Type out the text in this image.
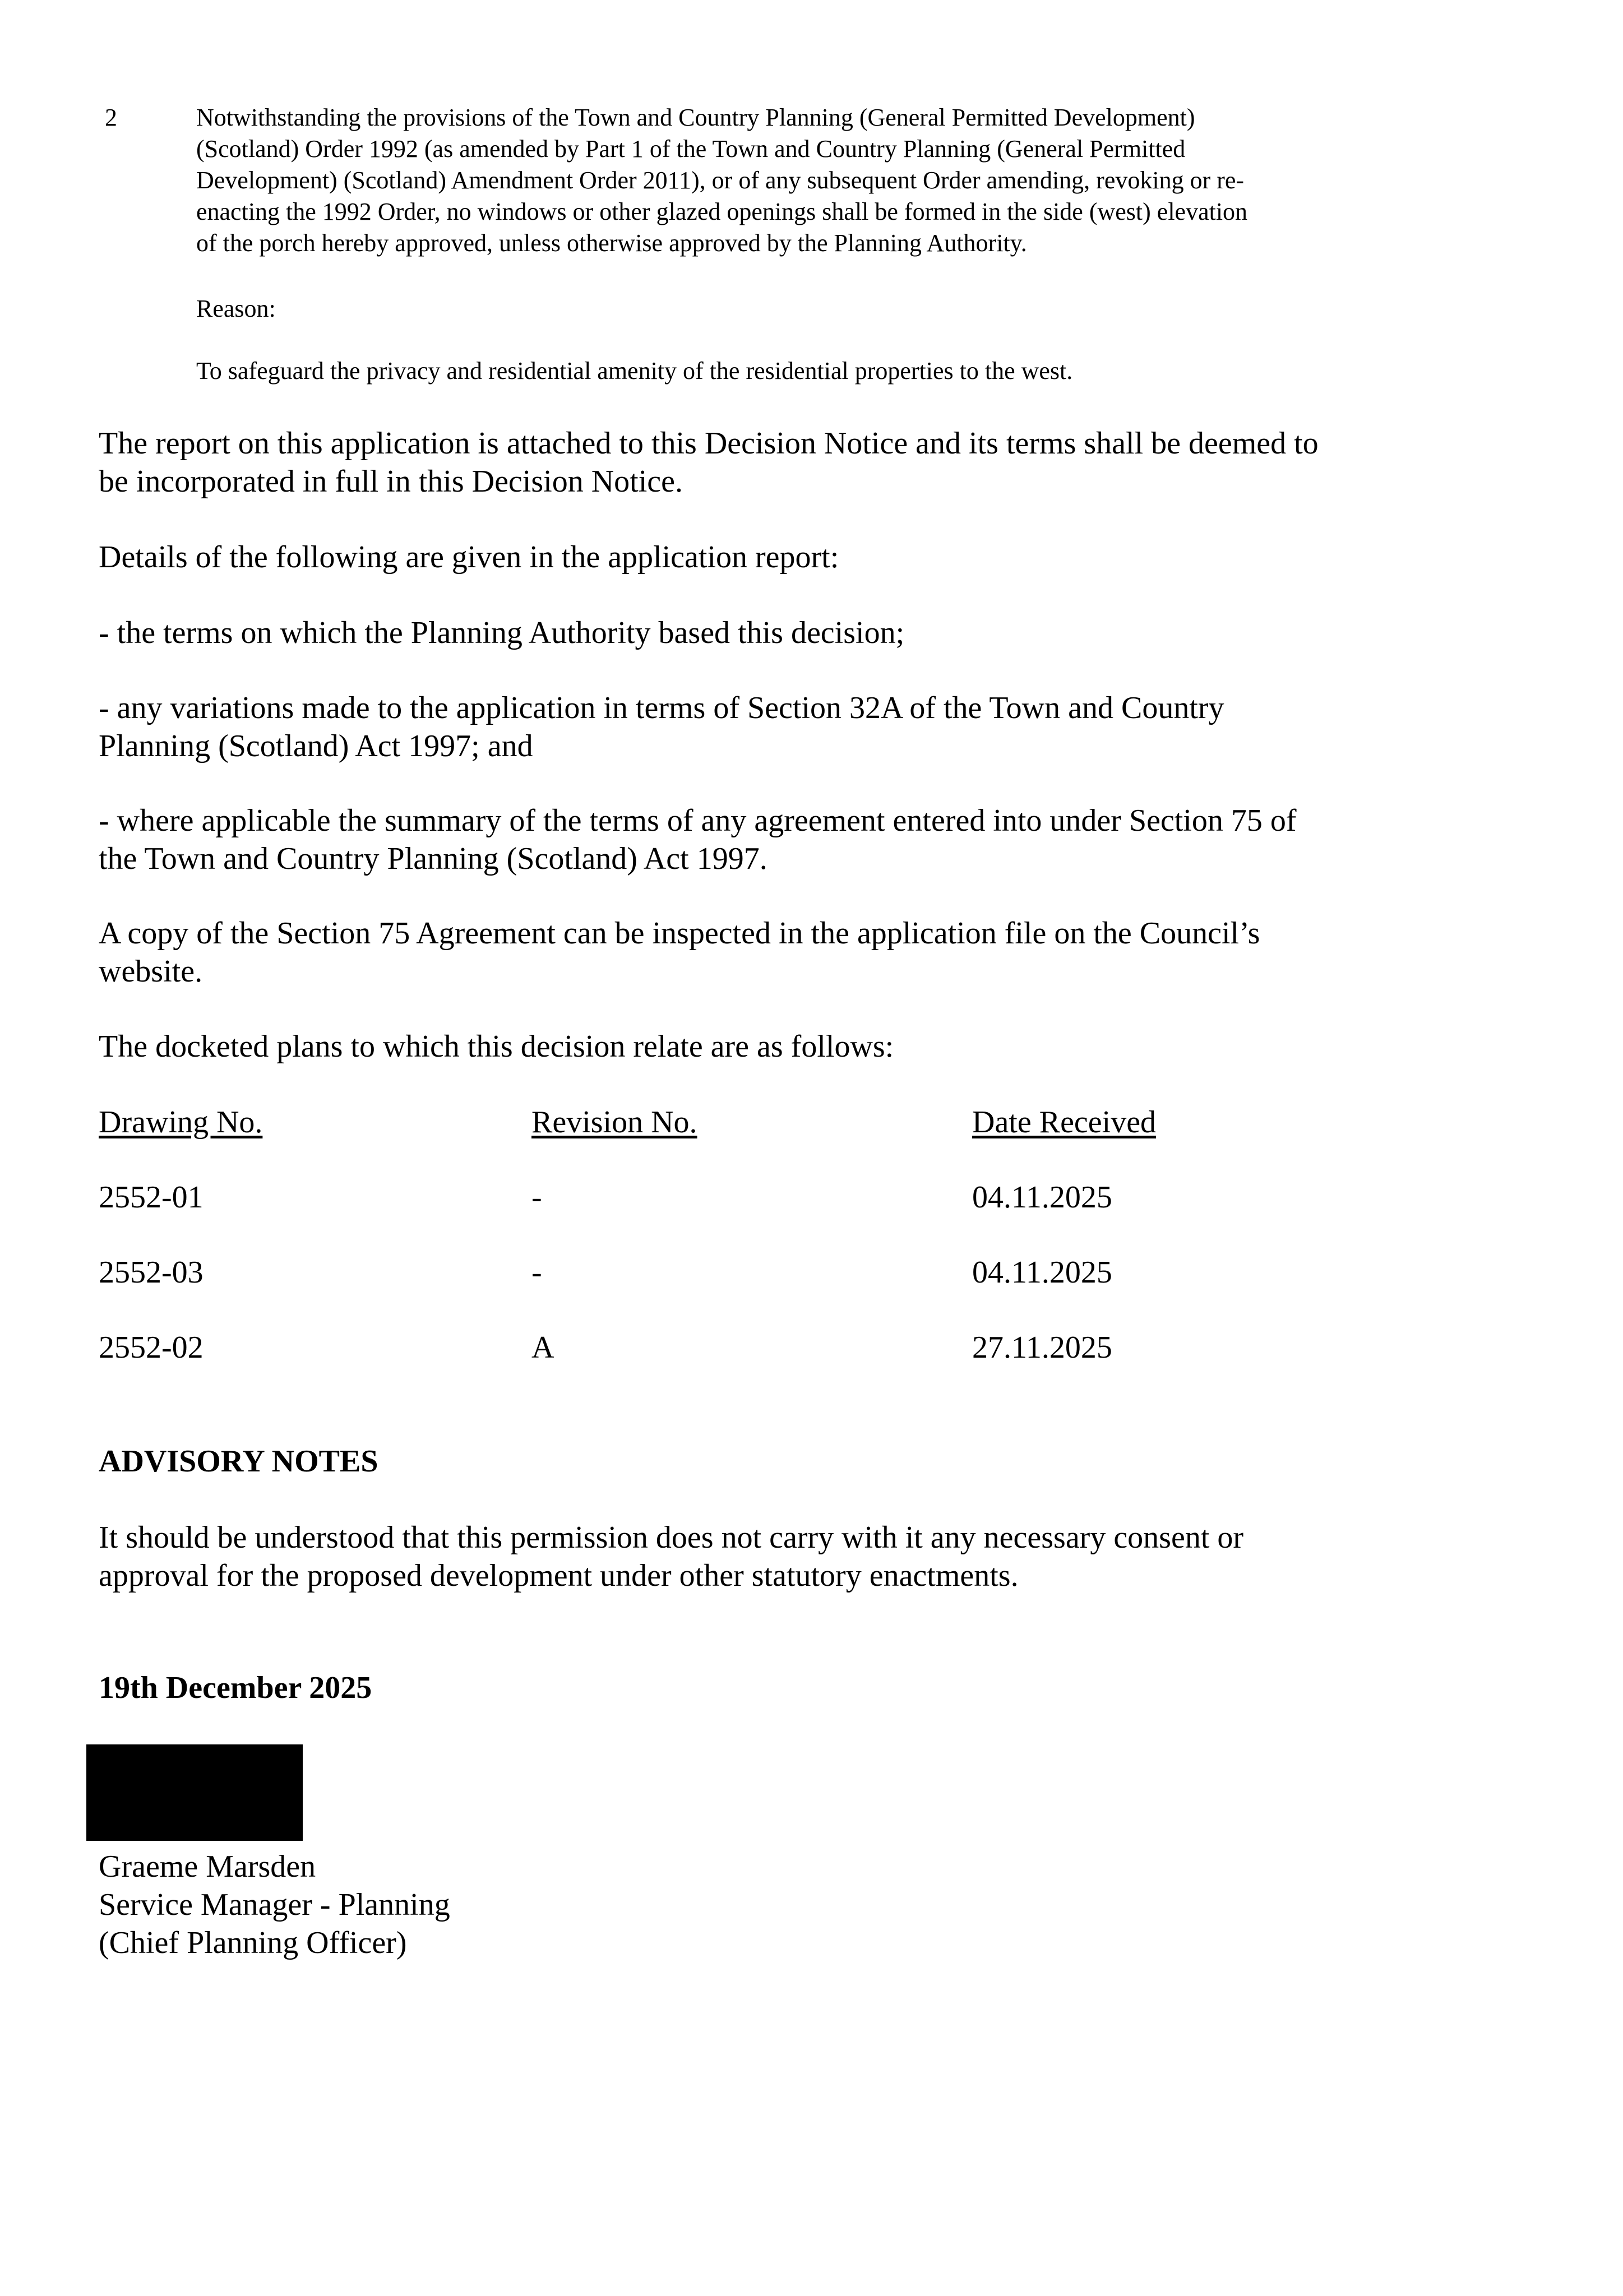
2	Notwithstanding the provisions of the Town and Country Planning (General Permitted Development)

(Scotland) Order 1992 (as amended by Part 1 of the Town and Country Planning (General Permitted

Development) (Scotland) Amendment Order 2011), or of any subsequent Order amending, revoking or re-

enacting the 1992 Order, no windows or other glazed openings shall be formed in the side (west) elevation

of the porch hereby approved, unless otherwise approved by the Planning Authority.

Reason:
To safeguard the privacy and residential amenity of the residential properties to the west.
The report on this application is attached to this Decision Notice and its terms shall be deemed to
be incorporated in full in this Decision Notice.
Details of the following are given in the application report:
- the terms on which the Planning Authority based this decision;
- any variations made to the application in terms of Section 32A of the Town and Country
Planning (Scotland) Act 1997; and
- where applicable the summary of the terms of any agreement entered into under Section 75 of
the Town and Country Planning (Scotland) Act 1997.
A copy of the Section 75 Agreement can be inspected in the application file on the Council’s
website.
The docketed plans to which this decision relate are as follows:
Drawing No.	Revision No.	Date Received
2552-01	-	04.11.2025
2552-03	-	04.11.2025
2552-02	A	27.11.2025
ADVISORY NOTES
It should be understood that this permission does not carry with it any necessary consent or
approval for the proposed development under other statutory enactments.
19th December 2025
Graeme Marsden
Service Manager - Planning
(Chief Planning Officer)
